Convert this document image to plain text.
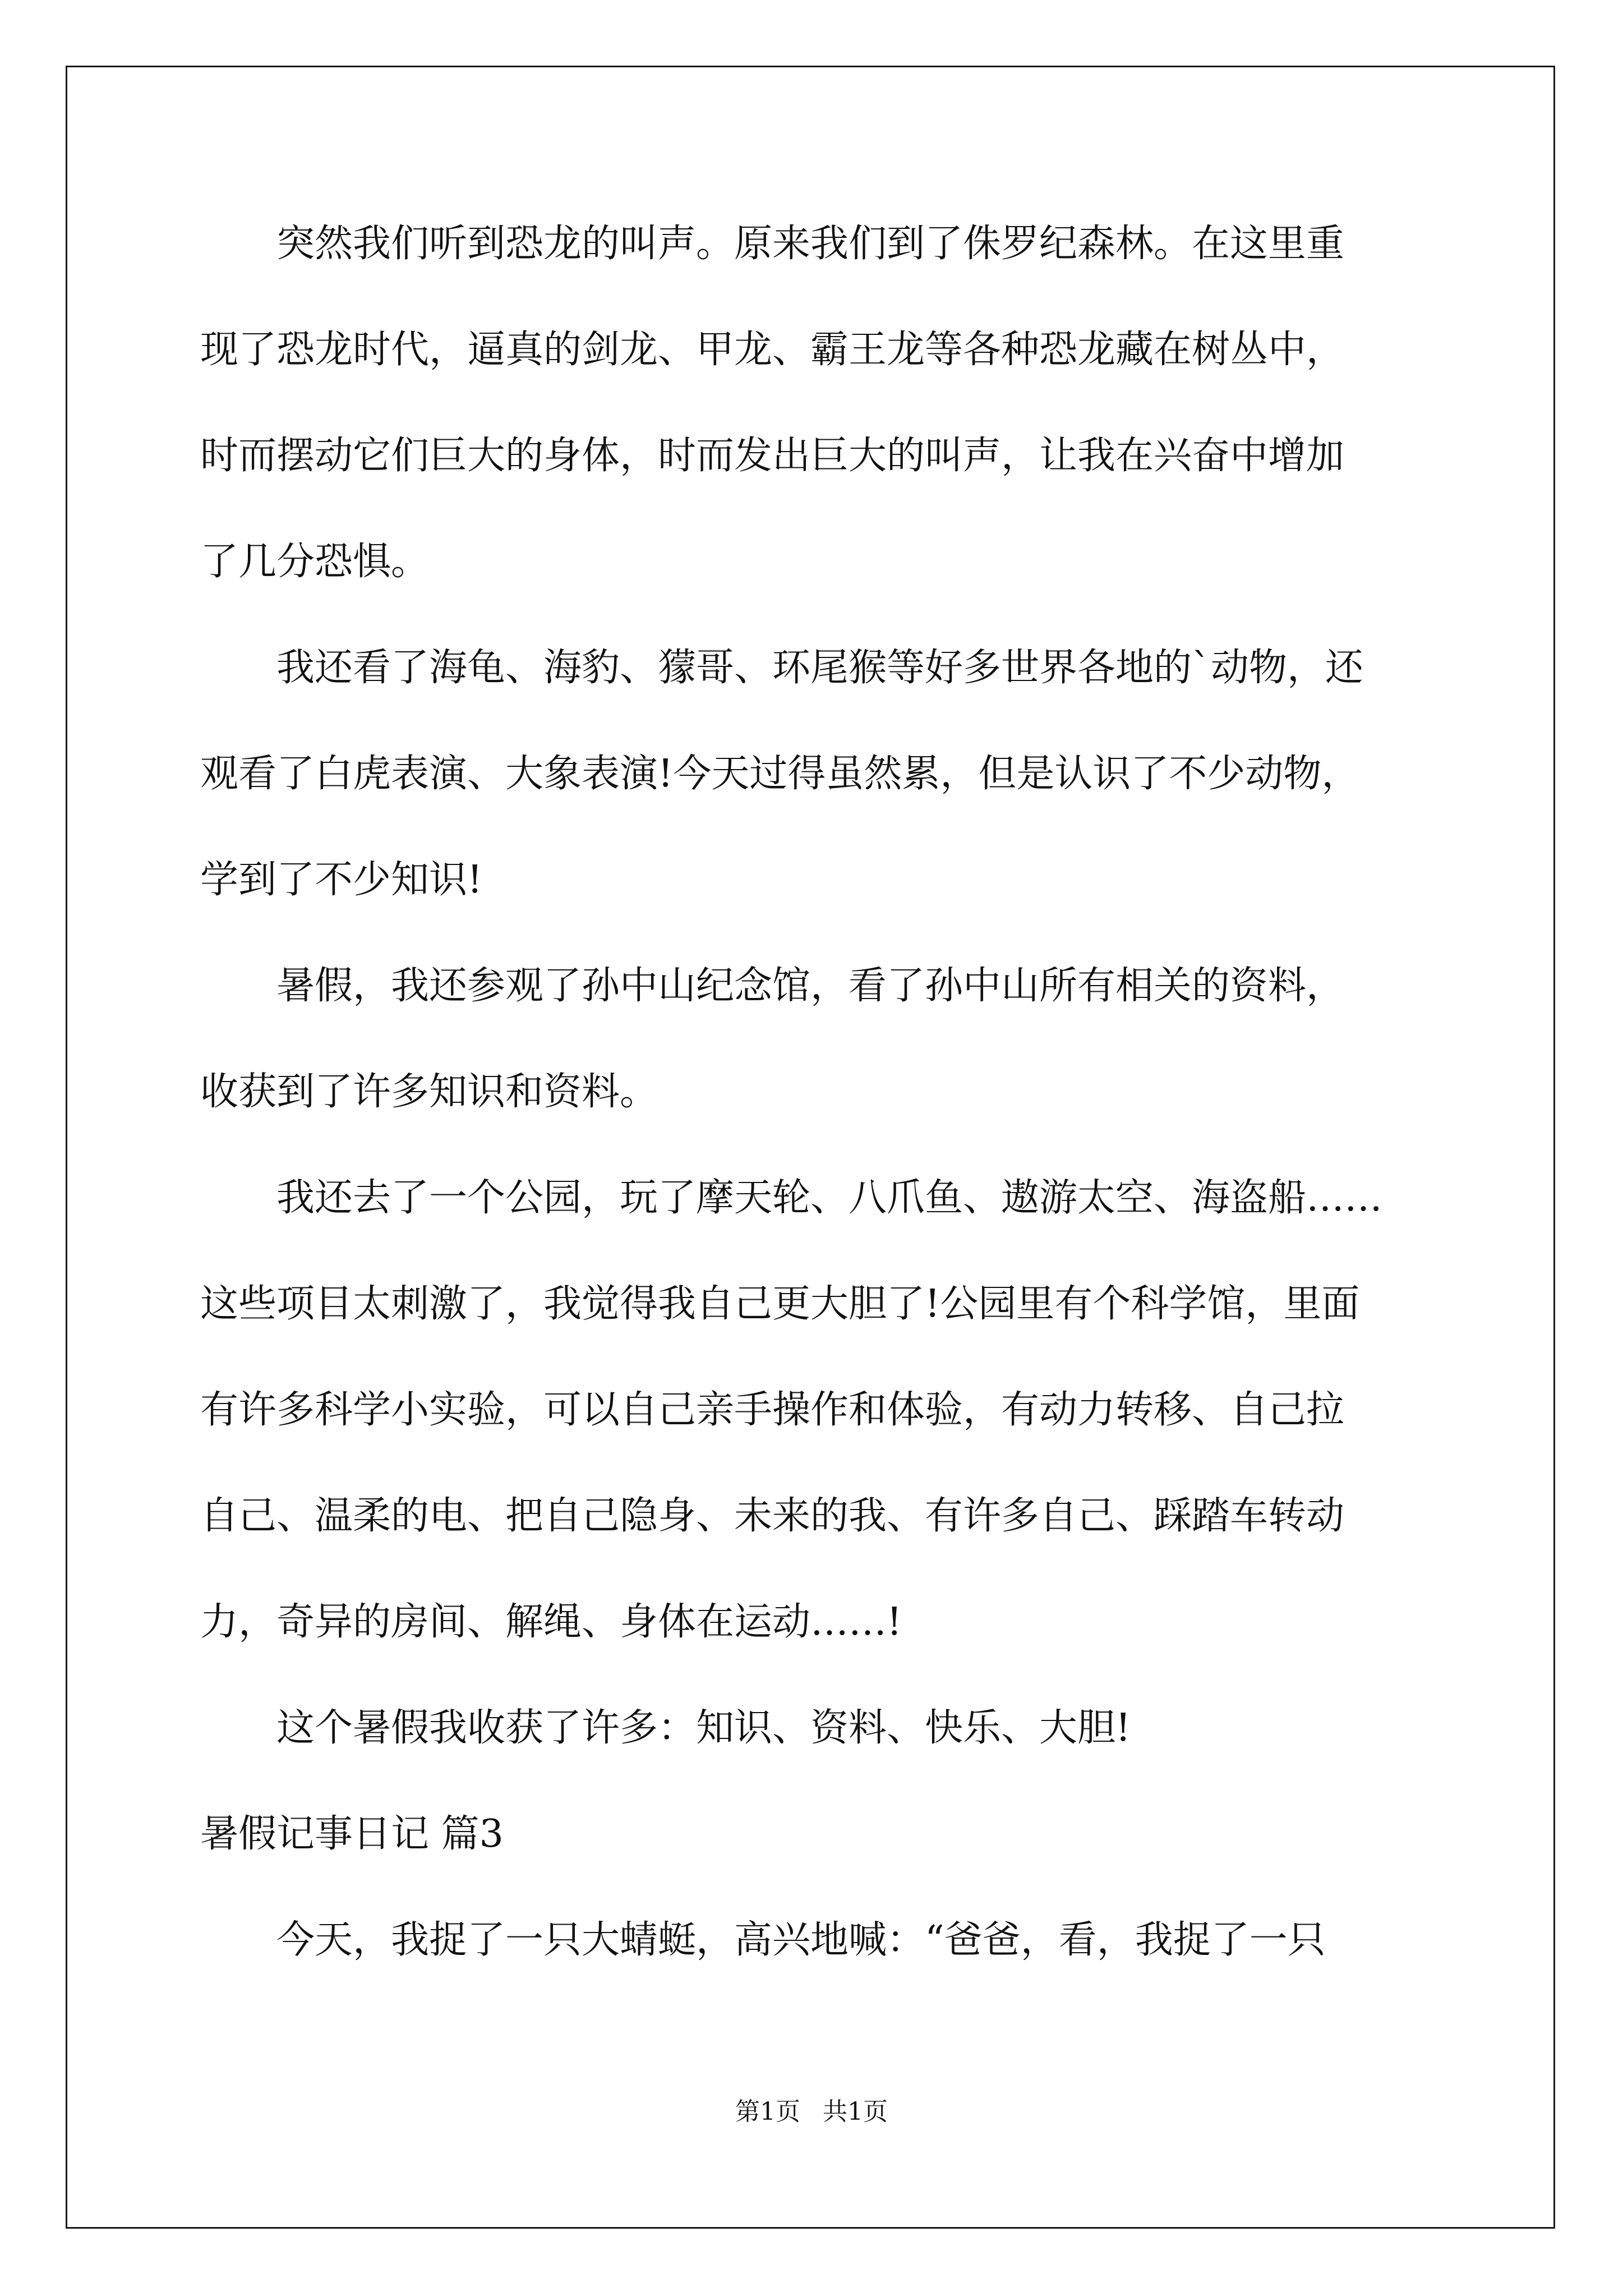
　　突然我们听到恐龙的叫声。原来我们到了侏罗纪森林。在这里重
现了恐龙时代，逼真的剑龙、甲龙、霸王龙等各种恐龙藏在树丛中，
时而摆动它们巨大的身体，时而发出巨大的叫声，让我在兴奋中增加
了几分恐惧。
　　我还看了海龟、海豹、獴哥、环尾猴等好多世界各地的`动物，还
观看了白虎表演、大象表演!今天过得虽然累，但是认识了不少动物，
学到了不少知识!
　　暑假，我还参观了孙中山纪念馆，看了孙中山所有相关的资料，
收获到了许多知识和资料。
　　我还去了一个公园，玩了摩天轮、八爪鱼、遨游太空、海盗船……
这些项目太刺激了，我觉得我自己更大胆了!公园里有个科学馆，里面
有许多科学小实验，可以自己亲手操作和体验，有动力转移、自己拉
自己、温柔的电、把自己隐身、未来的我、有许多自己、踩踏车转动
力，奇异的房间、解绳、身体在运动……!
　　这个暑假我收获了许多：知识、资料、快乐、大胆!
暑假记事日记 篇3
　　今天，我捉了一只大蜻蜓，高兴地喊：“爸爸，看，我捉了一只
第1页 共1页
